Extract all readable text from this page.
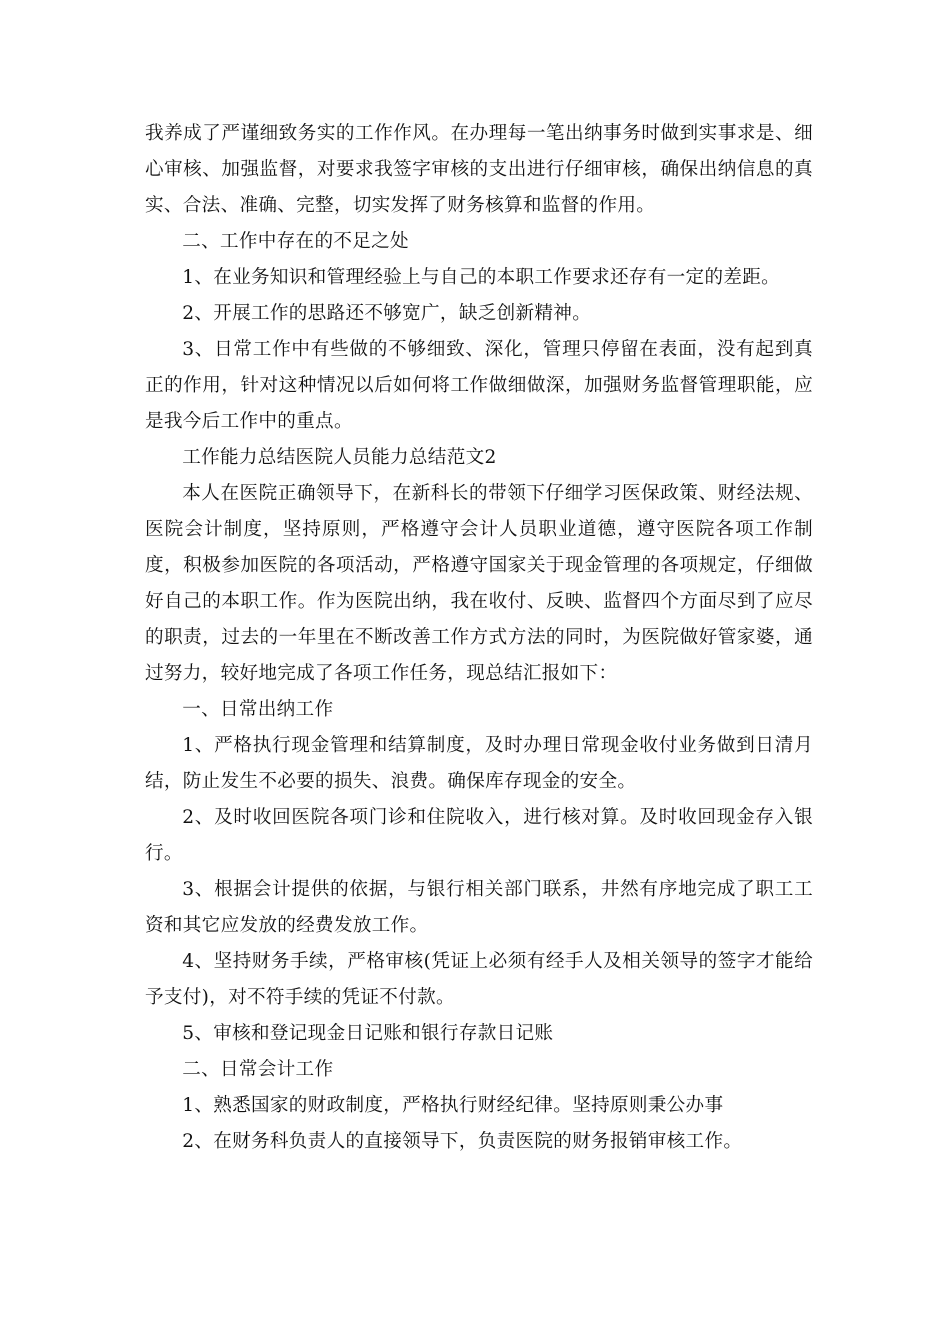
我养成了严谨细致务实的工作作风。在办理每一笔出纳事务时做到实事求是、细心审核、加强监督，对要求我签字审核的支出进行仔细审核，确保出纳信息的真实、合法、准确、完整，切实发挥了财务核算和监督的作用。

二、工作中存在的不足之处

1、在业务知识和管理经验上与自己的本职工作要求还存有一定的差距。

2、开展工作的思路还不够宽广，缺乏创新精神。

3、日常工作中有些做的不够细致、深化，管理只停留在表面，没有起到真正的作用，针对这种情况以后如何将工作做细做深，加强财务监督管理职能，应是我今后工作中的重点。

工作能力总结医院人员能力总结范文2

本人在医院正确领导下，在新科长的带领下仔细学习医保政策、财经法规、医院会计制度，坚持原则，严格遵守会计人员职业道德，遵守医院各项工作制度，积极参加医院的各项活动，严格遵守国家关于现金管理的各项规定，仔细做好自己的本职工作。作为医院出纳，我在收付、反映、监督四个方面尽到了应尽的职责，过去的一年里在不断改善工作方式方法的同时，为医院做好管家婆，通过努力，较好地完成了各项工作任务，现总结汇报如下：

一、日常出纳工作

1、严格执行现金管理和结算制度，及时办理日常现金收付业务做到日清月结，防止发生不必要的损失、浪费。确保库存现金的安全。

2、及时收回医院各项门诊和住院收入，进行核对算。及时收回现金存入银行。

3、根据会计提供的依据，与银行相关部门联系，井然有序地完成了职工工资和其它应发放的经费发放工作。

4、坚持财务手续，严格审核(凭证上必须有经手人及相关领导的签字才能给予支付)，对不符手续的凭证不付款。

5、审核和登记现金日记账和银行存款日记账

二、日常会计工作

1、熟悉国家的财政制度，严格执行财经纪律。坚持原则秉公办事

2、在财务科负责人的直接领导下，负责医院的财务报销审核工作。
